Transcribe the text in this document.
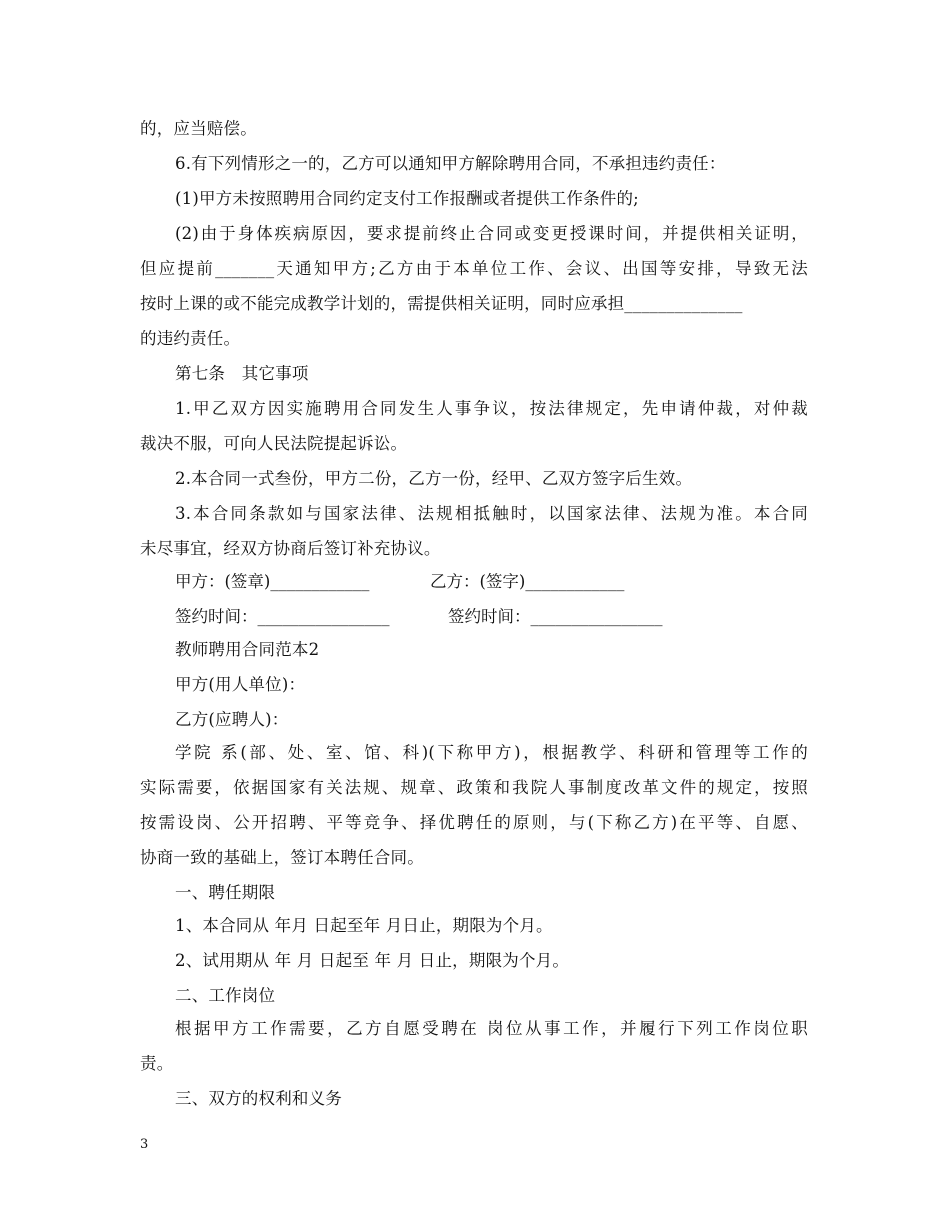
的，应当赔偿。
6.有下列情形之一的，乙方可以通知甲方解除聘用合同，不承担违约责任：
(1)甲方未按照聘用合同约定支付工作报酬或者提供工作条件的;
(2)由于身体疾病原因，要求提前终止合同或变更授课时间，并提供相关证明，
但应提前_______天通知甲方;乙方由于本单位工作、会议、出国等安排，导致无法
按时上课的或不能完成教学计划的，需提供相关证明，同时应承担______________
的违约责任。
第七条　其它事项
1.甲乙双方因实施聘用合同发生人事争议，按法律规定，先申请仲裁，对仲裁
裁决不服，可向人民法院提起诉讼。
2.本合同一式叁份，甲方二份，乙方一份，经甲、乙双方签字后生效。
3.本合同条款如与国家法律、法规相抵触时，以国家法律、法规为准。本合同
未尽事宜，经双方协商后签订补充协议。
甲方：(签章)____________	乙方：(签字)____________
签约时间：________________	签约时间：________________
教师聘用合同范本2
甲方(用人单位)：
乙方(应聘人)：
学院 系(部、处、室、馆、科)(下称甲方)，根据教学、科研和管理等工作的
实际需要，依据国家有关法规、规章、政策和我院人事制度改革文件的规定，按照
按需设岗、公开招聘、平等竞争、择优聘任的原则，与(下称乙方)在平等、自愿、
协商一致的基础上，签订本聘任合同。
一、聘任期限
1、本合同从 年月 日起至年 月日止，期限为个月。
2、试用期从 年 月 日起至 年 月 日止，期限为个月。
二、工作岗位
根据甲方工作需要，乙方自愿受聘在 岗位从事工作，并履行下列工作岗位职
责。
三、双方的权利和义务
3
